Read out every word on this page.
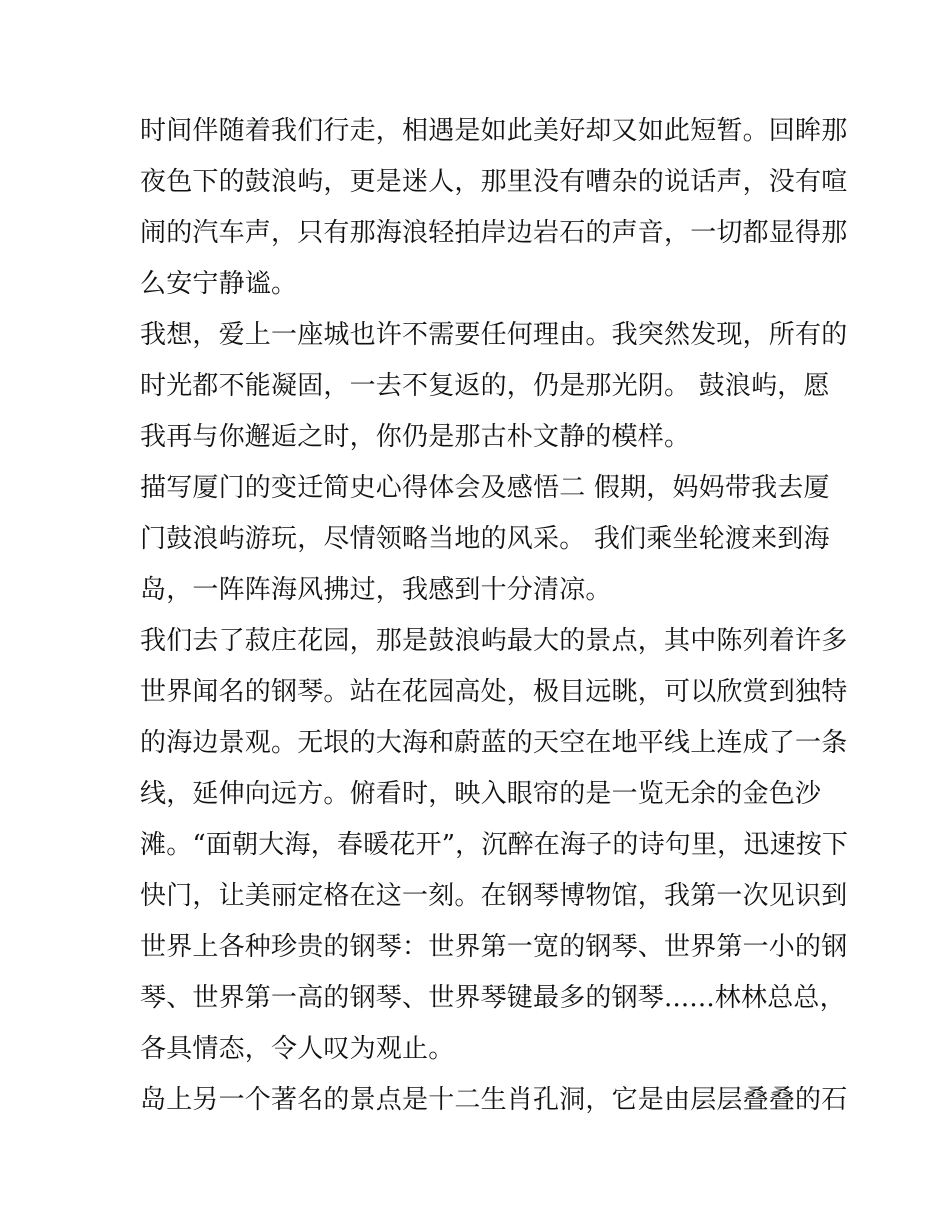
时间伴随着我们行走，相遇是如此美好却又如此短暂。回眸那
夜色下的鼓浪屿，更是迷人，那里没有嘈杂的说话声，没有喧
闹的汽车声，只有那海浪轻拍岸边岩石的声音，一切都显得那
么安宁静谧。
我想，爱上一座城也许不需要任何理由。我突然发现，所有的
时光都不能凝固，一去不复返的，仍是那光阴。 鼓浪屿，愿
我再与你邂逅之时，你仍是那古朴文静的模样。
描写厦门的变迁简史心得体会及感悟二 假期，妈妈带我去厦
门鼓浪屿游玩，尽情领略当地的风采。 我们乘坐轮渡来到海
岛，一阵阵海风拂过，我感到十分清凉。
我们去了菽庄花园，那是鼓浪屿最大的景点，其中陈列着许多
世界闻名的钢琴。站在花园高处，极目远眺，可以欣赏到独特
的海边景观。无垠的大海和蔚蓝的天空在地平线上连成了一条
线，延伸向远方。俯看时，映入眼帘的是一览无余的金色沙
滩。“面朝大海，春暖花开”，沉醉在海子的诗句里，迅速按下
快门，让美丽定格在这一刻。在钢琴博物馆，我第一次见识到
世界上各种珍贵的钢琴：世界第一宽的钢琴、世界第一小的钢
琴、世界第一高的钢琴、世界琴键最多的钢琴......林林总总，
各具情态，令人叹为观止。
岛上另一个著名的景点是十二生肖孔洞，它是由层层叠叠的石
